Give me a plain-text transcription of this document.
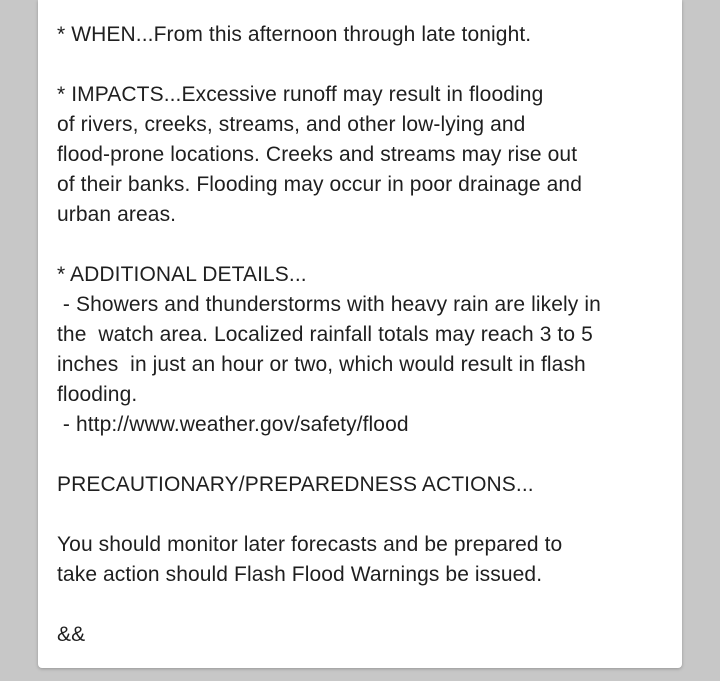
* WHEN...From this afternoon through late tonight.
* IMPACTS...Excessive runoff may result in flooding
of rivers, creeks, streams, and other low-lying and
flood-prone locations. Creeks and streams may rise out
of their banks. Flooding may occur in poor drainage and
urban areas.
* ADDITIONAL DETAILS...
- Showers and thunderstorms with heavy rain are likely in
the  watch area. Localized rainfall totals may reach 3 to 5
inches  in just an hour or two, which would result in flash
flooding.
- http://www.weather.gov/safety/flood
PRECAUTIONARY/PREPAREDNESS ACTIONS...
You should monitor later forecasts and be prepared to
take action should Flash Flood Warnings be issued.
&&
